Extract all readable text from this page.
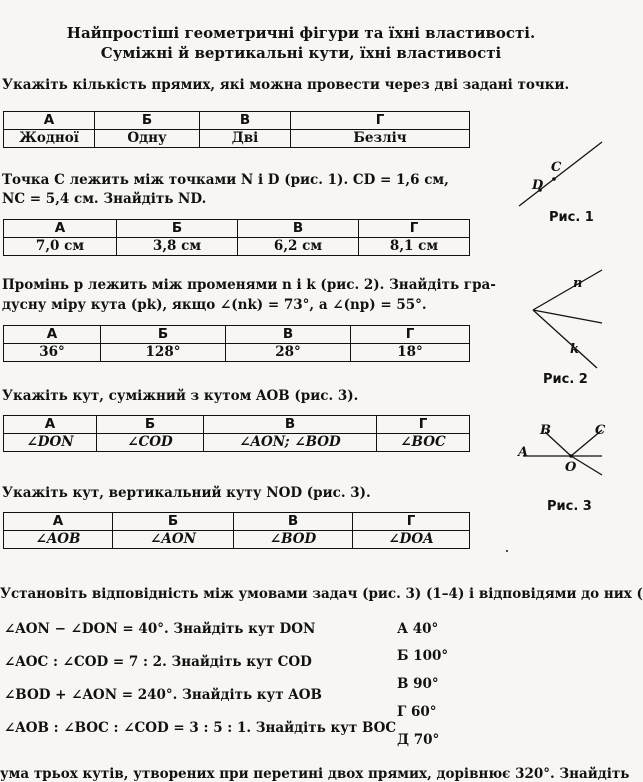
Найпростіші геометричні фігури та їхні властивості.
Суміжні й вертикальні кути, їхні властивості
Укажіть кількість прямих, які можна провести через дві задані точки.
А	Б	В	Г
Жодної	Одну	Дві	Безліч
Точка C лежить між точками N і D (рис. 1). CD = 1,6 см,
NC = 5,4 см. Знайдіть ND.
А	Б	В	Г
7,0 см	3,8 см	6,2 см	8,1 см
Промінь p лежить між променями n і k (рис. 2). Знайдіть гра-
дусну міру кута (pk), якщо ∠(nk) = 73°, а ∠(np) = 55°.
А	Б	В	Г
36°	128°	28°	18°
Укажіть кут, суміжний з кутом AOB (рис. 3).
А	Б	В	Г
∠DON	∠COD	∠AON; ∠BOD	∠BOC
Укажіть кут, вертикальний куту NOD (рис. 3).
А	Б	В	Г
∠AOB	∠AON	∠BOD	∠DOA
Установіть відповідність між умовами задач (рис. 3) (1–4) і відповідями до них (
∠AON − ∠DON = 40°. Знайдіть кут DON
∠AOC : ∠COD = 7 : 2. Знайдіть кут COD
∠BOD + ∠AON = 240°. Знайдіть кут AOB
∠AOB : ∠BOC : ∠COD = 3 : 5 : 1. Знайдіть кут BOC
А 40°
Б 100°
В 90°
Г 60°
Д 70°
ума трьох кутів, утворених при перетині двох прямих, дорівнює 320°. Знайдіть
D
C
Рис. 1
n
k
Рис. 2
B	C
A
O
Рис. 3
